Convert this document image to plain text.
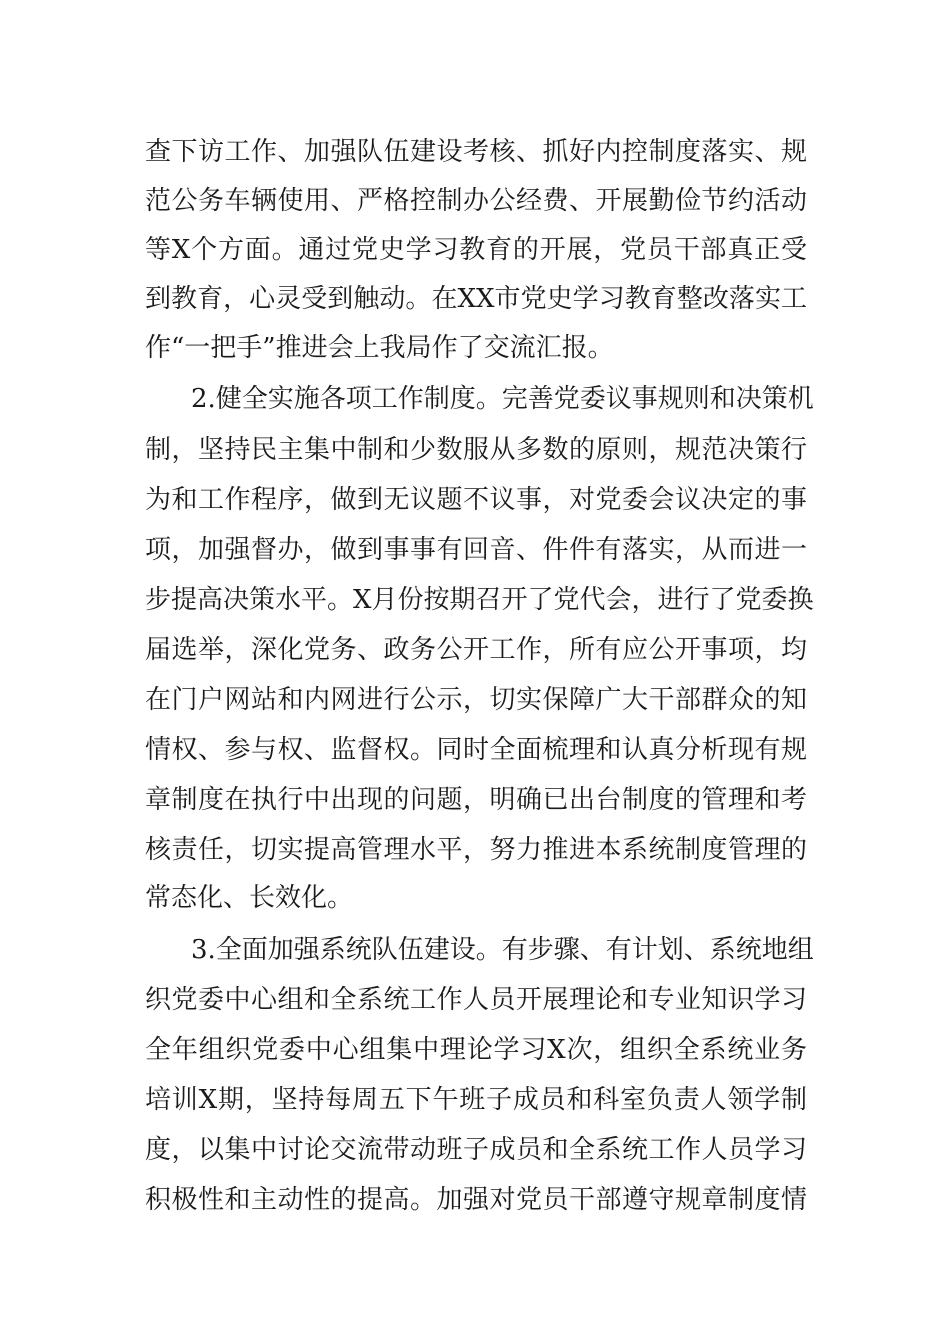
查下访工作、加强队伍建设考核、抓好内控制度落实、规
范公务车辆使用、严格控制办公经费、开展勤俭节约活动
等X个方面。通过党史学习教育的开展，党员干部真正受
到教育，心灵受到触动。在XX市党史学习教育整改落实工
作“一把手”推进会上我局作了交流汇报。
2.健全实施各项工作制度。完善党委议事规则和决策机
制，坚持民主集中制和少数服从多数的原则，规范决策行
为和工作程序，做到无议题不议事，对党委会议决定的事
项，加强督办，做到事事有回音、件件有落实，从而进一
步提高决策水平。X月份按期召开了党代会，进行了党委换
届选举，深化党务、政务公开工作，所有应公开事项，均
在门户网站和内网进行公示，切实保障广大干部群众的知
情权、参与权、监督权。同时全面梳理和认真分析现有规
章制度在执行中出现的问题，明确已出台制度的管理和考
核责任，切实提高管理水平，努力推进本系统制度管理的
常态化、长效化。
3.全面加强系统队伍建设。有步骤、有计划、系统地组
织党委中心组和全系统工作人员开展理论和专业知识学习
全年组织党委中心组集中理论学习X次，组织全系统业务
培训X期，坚持每周五下午班子成员和科室负责人领学制
度，以集中讨论交流带动班子成员和全系统工作人员学习
积极性和主动性的提高。加强对党员干部遵守规章制度情
